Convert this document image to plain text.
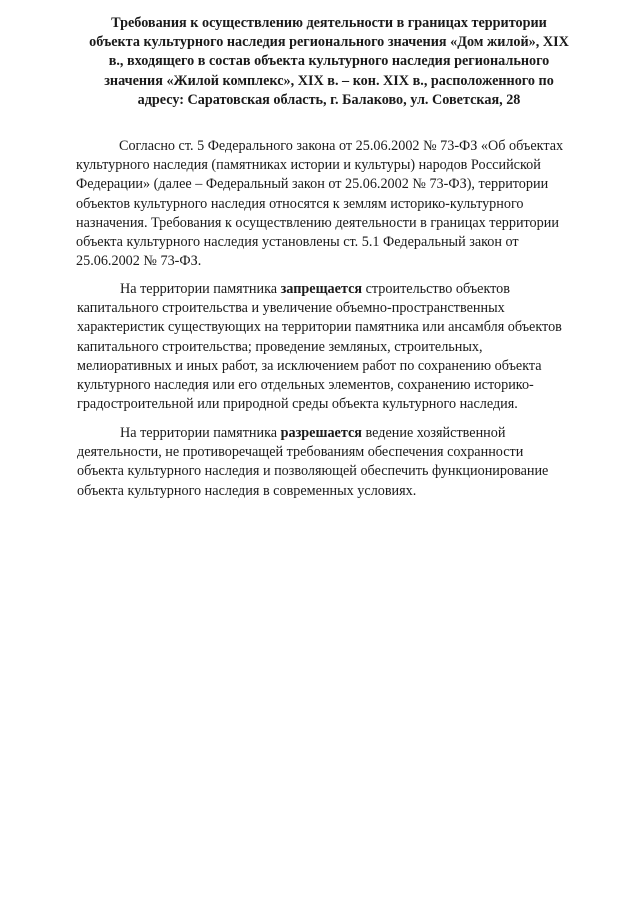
Требования к осуществлению деятельности в границах территории
объекта культурного наследия регионального значения «Дом жилой», XIX
в., входящего в состав объекта культурного наследия регионального
значения «Жилой комплекс», XIX в. – кон. XIX в., расположенного по
адресу: Саратовская область, г. Балаково, ул. Советская, 28
Согласно ст. 5 Федерального закона от 25.06.2002 № 73-ФЗ «Об объектах
культурного наследия (памятниках истории и культуры) народов Российской
Федерации» (далее – Федеральный закон от 25.06.2002 № 73-ФЗ), территории
объектов культурного наследия относятся к землям историко-культурного
назначения. Требования к осуществлению деятельности в границах территории
объекта культурного наследия установлены ст. 5.1 Федеральный закон от
25.06.2002 № 73-ФЗ.
На территории памятника запрещается строительство объектов
капитального строительства и увеличение объемно-пространственных
характеристик существующих на территории памятника или ансамбля объектов
капитального строительства; проведение земляных, строительных,
мелиоративных и иных работ, за исключением работ по сохранению объекта
культурного наследия или его отдельных элементов, сохранению историко-
градостроительной или природной среды объекта культурного наследия.
На территории памятника разрешается ведение хозяйственной
деятельности, не противоречащей требованиям обеспечения сохранности
объекта культурного наследия и позволяющей обеспечить функционирование
объекта культурного наследия в современных условиях.
